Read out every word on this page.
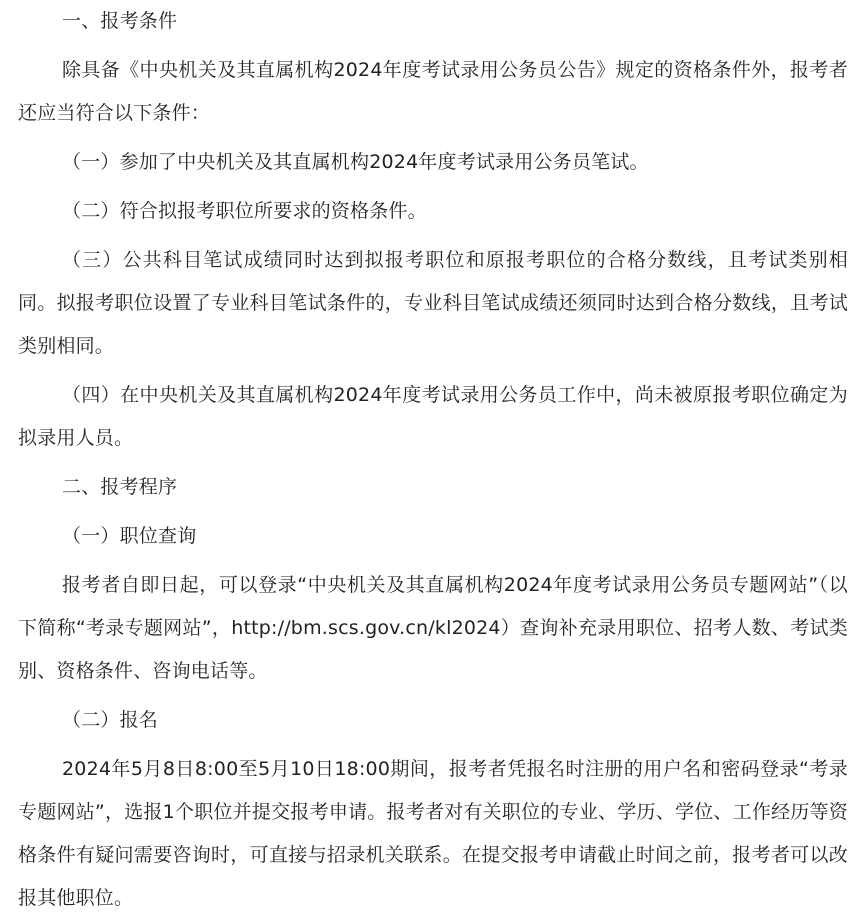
一、报考条件

除具备《中央机关及其直属机构2024年度考试录用公务员公告》规定的资格条件外，报考者还应当符合以下条件：

（一）参加了中央机关及其直属机构2024年度考试录用公务员笔试。

（二）符合拟报考职位所要求的资格条件。

（三）公共科目笔试成绩同时达到拟报考职位和原报考职位的合格分数线，且考试类别相同。拟报考职位设置了专业科目笔试条件的，专业科目笔试成绩还须同时达到合格分数线，且考试类别相同。

（四）在中央机关及其直属机构2024年度考试录用公务员工作中，尚未被原报考职位确定为拟录用人员。

二、报考程序

（一）职位查询

报考者自即日起，可以登录“中央机关及其直属机构2024年度考试录用公务员专题网站”（以下简称“考录专题网站”，http://bm.scs.gov.cn/kl2024）查询补充录用职位、招考人数、考试类别、资格条件、咨询电话等。

（二）报名

2024年5月8日8:00至5月10日18:00期间，报考者凭报名时注册的用户名和密码登录“考录专题网站”，选报1个职位并提交报考申请。报考者对有关职位的专业、学历、学位、工作经历等资格条件有疑问需要咨询时，可直接与招录机关联系。在提交报考申请截止时间之前，报考者可以改报其他职位。
